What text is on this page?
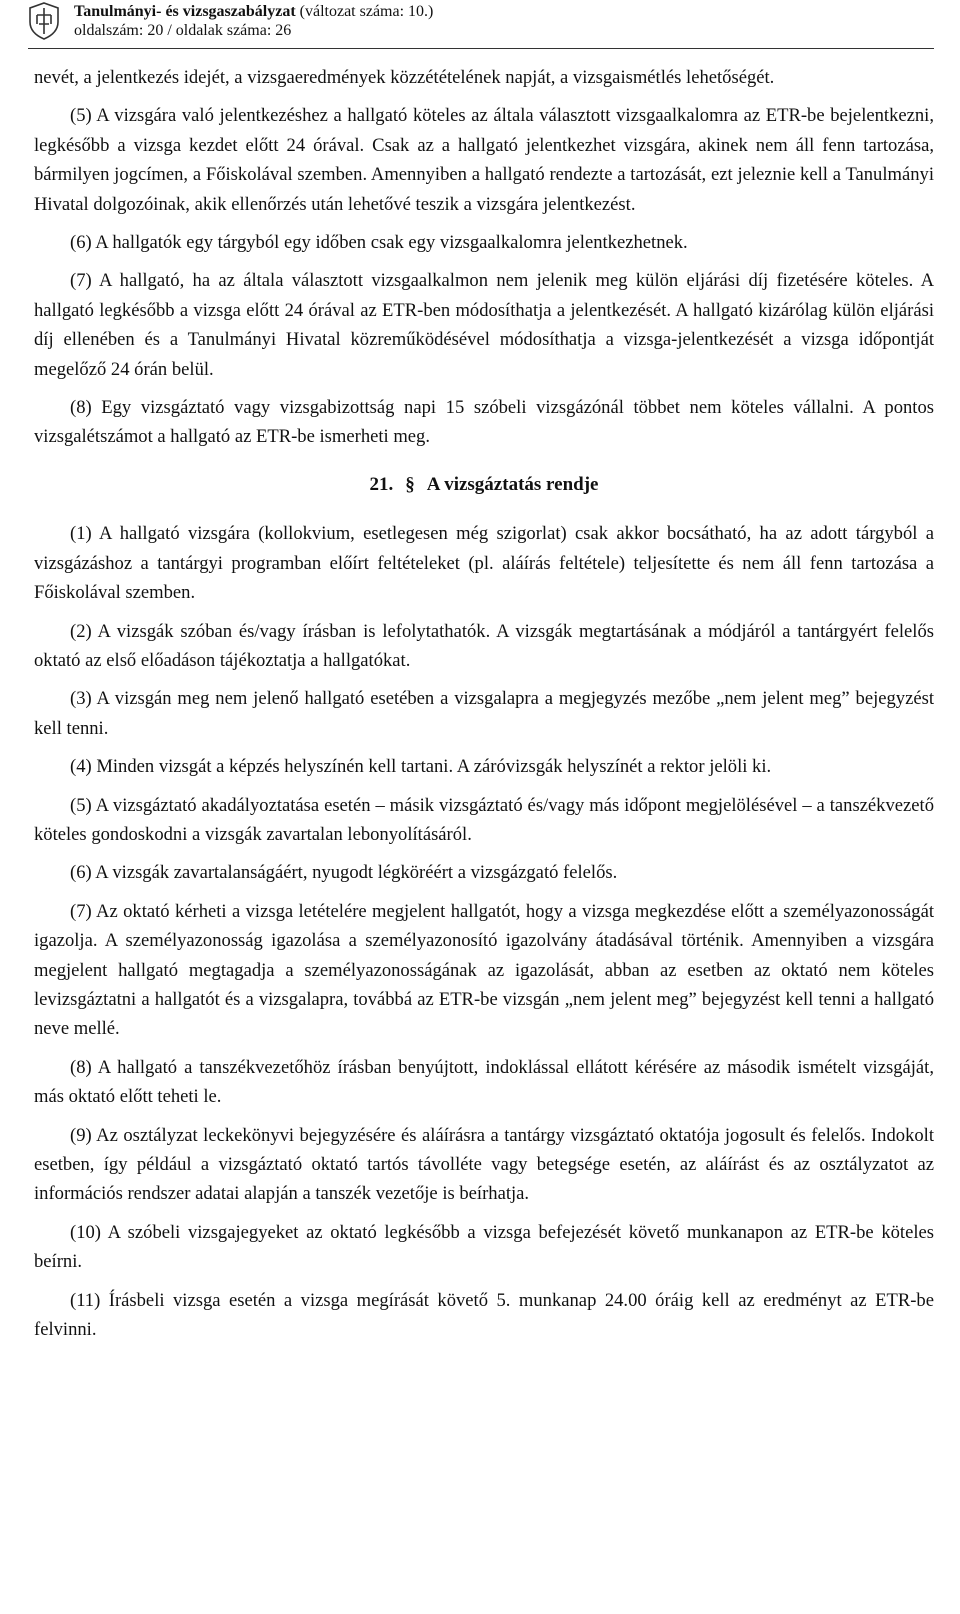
Tanulmányi- és vizsgaszabályzat (változat száma: 10.)
oldalszám: 20 / oldalak száma: 26

nevét, a jelentkezés idejét, a vizsgaeredmények közzétételének napját, a vizsgaismétlés lehetőségét.

(5) A vizsgára való jelentkezéshez a hallgató köteles az általa választott vizsgaalkalomra az ETR-be bejelentkezni, legkésőbb a vizsga kezdet előtt 24 órával. Csak az a hallgató jelentkezhet vizsgára, akinek nem áll fenn tartozása, bármilyen jogcímen, a Főiskolával szemben. Amennyiben a hallgató rendezte a tartozását, ezt jeleznie kell a Tanulmányi Hivatal dolgozóinak, akik ellenőrzés után lehetővé teszik a vizsgára jelentkezést.

(6) A hallgatók egy tárgyból egy időben csak egy vizsgaalkalomra jelentkezhetnek.

(7) A hallgató, ha az általa választott vizsgaalkalmon nem jelenik meg külön eljárási díj fizetésére köteles. A hallgató legkésőbb a vizsga előtt 24 órával az ETR-ben módosíthatja a jelentkezését. A hallgató kizárólag külön eljárási díj ellenében és a Tanulmányi Hivatal közreműködésével módosíthatja a vizsga-jelentkezését a vizsga időpontját megelőző 24 órán belül.

(8) Egy vizsgáztató vagy vizsgabizottság napi 15 szóbeli vizsgázónál többet nem köteles vállalni. A pontos vizsgalétszámot a hallgató az ETR-be ismerheti meg.

21. § A vizsgáztatás rendje

(1) A hallgató vizsgára (kollokvium, esetlegesen még szigorlat) csak akkor bocsátható, ha az adott tárgyból a vizsgázáshoz a tantárgyi programban előírt feltételeket (pl. aláírás feltétele) teljesítette és nem áll fenn tartozása a Főiskolával szemben.

(2) A vizsgák szóban és/vagy írásban is lefolytathatók. A vizsgák megtartásának a módjáról a tantárgyért felelős oktató az első előadáson tájékoztatja a hallgatókat.

(3) A vizsgán meg nem jelenő hallgató esetében a vizsgalapra a megjegyzés mezőbe „nem jelent meg” bejegyzést kell tenni.

(4) Minden vizsgát a képzés helyszínén kell tartani. A záróvizsgák helyszínét a rektor jelöli ki.

(5) A vizsgáztató akadályoztatása esetén – másik vizsgáztató és/vagy más időpont megjelölésével – a tanszékvezető köteles gondoskodni a vizsgák zavartalan lebonyolításáról.

(6) A vizsgák zavartalanságáért, nyugodt légköréért a vizsgázgató felelős.

(7) Az oktató kérheti a vizsga letételére megjelent hallgatót, hogy a vizsga megkezdése előtt a személyazonosságát igazolja. A személyazonosság igazolása a személyazonosító igazolvány átadásával történik. Amennyiben a vizsgára megjelent hallgató megtagadja a személyazonosságának az igazolását, abban az esetben az oktató nem köteles levizsgáztatni a hallgatót és a vizsgalapra, továbbá az ETR-be vizsgán „nem jelent meg” bejegyzést kell tenni a hallgató neve mellé.

(8) A hallgató a tanszékvezetőhöz írásban benyújtott, indoklással ellátott kérésére az második ismételt vizsgáját, más oktató előtt teheti le.

(9) Az osztályzat leckekönyvi bejegyzésére és aláírásra a tantárgy vizsgáztató oktatója jogosult és felelős. Indokolt esetben, így például a vizsgáztató oktató tartós távolléte vagy betegsége esetén, az aláírást és az osztályzatot az információs rendszer adatai alapján a tanszék vezetője is beírhatja.

(10) A szóbeli vizsgajegyeket az oktató legkésőbb a vizsga befejezését követő munkanapon az ETR-be köteles beírni.

(11) Írásbeli vizsga esetén a vizsga megírását követő 5. munkanap 24.00 óráig kell az eredményt az ETR-be felvinni.
